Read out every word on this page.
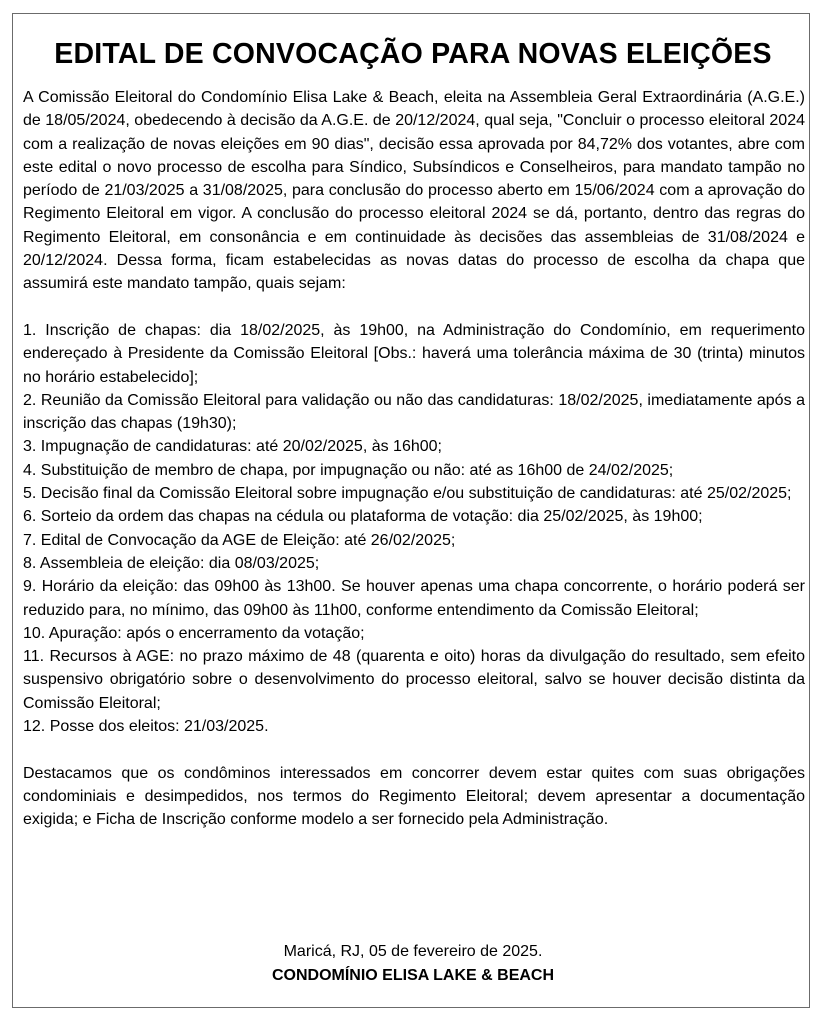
EDITAL DE CONVOCAÇÃO PARA NOVAS ELEIÇÕES

A Comissão Eleitoral do Condomínio Elisa Lake & Beach, eleita na Assembleia Geral Extraordinária (A.G.E.) de 18/05/2024, obedecendo à decisão da A.G.E. de 20/12/2024, qual seja, "Concluir o processo eleitoral 2024 com a realização de novas eleições em 90 dias", decisão essa aprovada por 84,72% dos votantes, abre com este edital o novo processo de escolha para Síndico, Subsíndicos e Conselheiros, para mandato tampão no período de 21/03/2025 a 31/08/2025, para conclusão do processo aberto em 15/06/2024 com a aprovação do Regimento Eleitoral em vigor. A conclusão do processo eleitoral 2024 se dá, portanto, dentro das regras do Regimento Eleitoral, em consonância e em continuidade às decisões das assembleias de 31/08/2024 e 20/12/2024. Dessa forma, ficam estabelecidas as novas datas do processo de escolha da chapa que assumirá este mandato tampão, quais sejam:

1. Inscrição de chapas: dia 18/02/2025, às 19h00, na Administração do Condomínio, em requerimento endereçado à Presidente da Comissão Eleitoral [Obs.: haverá uma tolerância máxima de 30 (trinta) minutos no horário estabelecido];
2. Reunião da Comissão Eleitoral para validação ou não das candidaturas: 18/02/2025, imediatamente após a inscrição das chapas (19h30);
3. Impugnação de candidaturas: até 20/02/2025, às 16h00;
4. Substituição de membro de chapa, por impugnação ou não: até as 16h00 de 24/02/2025;
5. Decisão final da Comissão Eleitoral sobre impugnação e/ou substituição de candidaturas: até 25/02/2025;
6. Sorteio da ordem das chapas na cédula ou plataforma de votação: dia 25/02/2025, às 19h00;
7. Edital de Convocação da AGE de Eleição: até 26/02/2025;
8. Assembleia de eleição: dia 08/03/2025;
9. Horário da eleição: das 09h00 às 13h00. Se houver apenas uma chapa concorrente, o horário poderá ser reduzido para, no mínimo, das 09h00 às 11h00, conforme entendimento da Comissão Eleitoral;
10. Apuração: após o encerramento da votação;
11. Recursos à AGE: no prazo máximo de 48 (quarenta e oito) horas da divulgação do resultado, sem efeito suspensivo obrigatório sobre o desenvolvimento do processo eleitoral, salvo se houver decisão distinta da Comissão Eleitoral;
12. Posse dos eleitos: 21/03/2025.

Destacamos que os condôminos interessados em concorrer devem estar quites com suas obrigações condominiais e desimpedidos, nos termos do Regimento Eleitoral; devem apresentar a documentação exigida; e Ficha de Inscrição conforme modelo a ser fornecido pela Administração.

Maricá, RJ, 05 de fevereiro de 2025.
CONDOMÍNIO ELISA LAKE & BEACH
